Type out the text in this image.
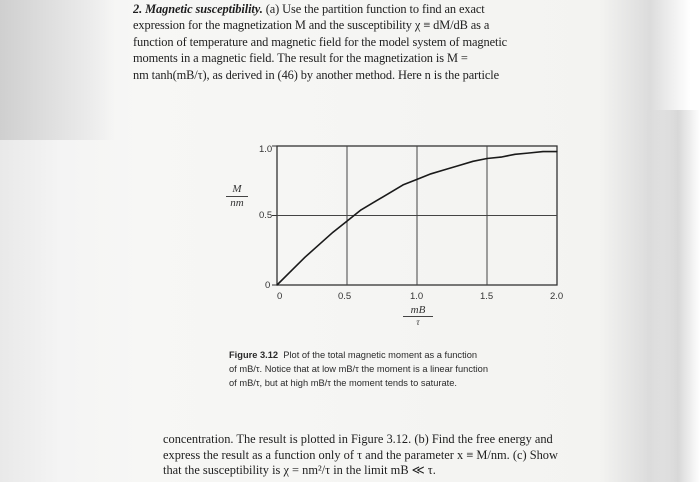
2. Magnetic susceptibility. (a) Use the partition function to find an exact
expression for the magnetization M and the susceptibility χ ≡ dM/dB as a
function of temperature and magnetic field for the model system of magnetic
moments in a magnetic field. The result for the magnetization is M =
nm tanh(mB/τ), as derived in (46) by another method. Here n is the particle
$\frac{M}{nm}$
1.0
0.5
0
0	0.5	1.0	1.5	2.0
mB
τ
Figure 3.12 Plot of the total magnetic moment as a function
of mB/τ. Notice that at low mB/τ the moment is a linear function
of mB/τ, but at high mB/τ the moment tends to saturate.
concentration. The result is plotted in Figure 3.12. (b) Find the free energy and
express the result as a function only of τ and the parameter x ≡ M/nm. (c) Show
that the susceptibility is χ = nm²/τ in the limit mB ≪ τ.
